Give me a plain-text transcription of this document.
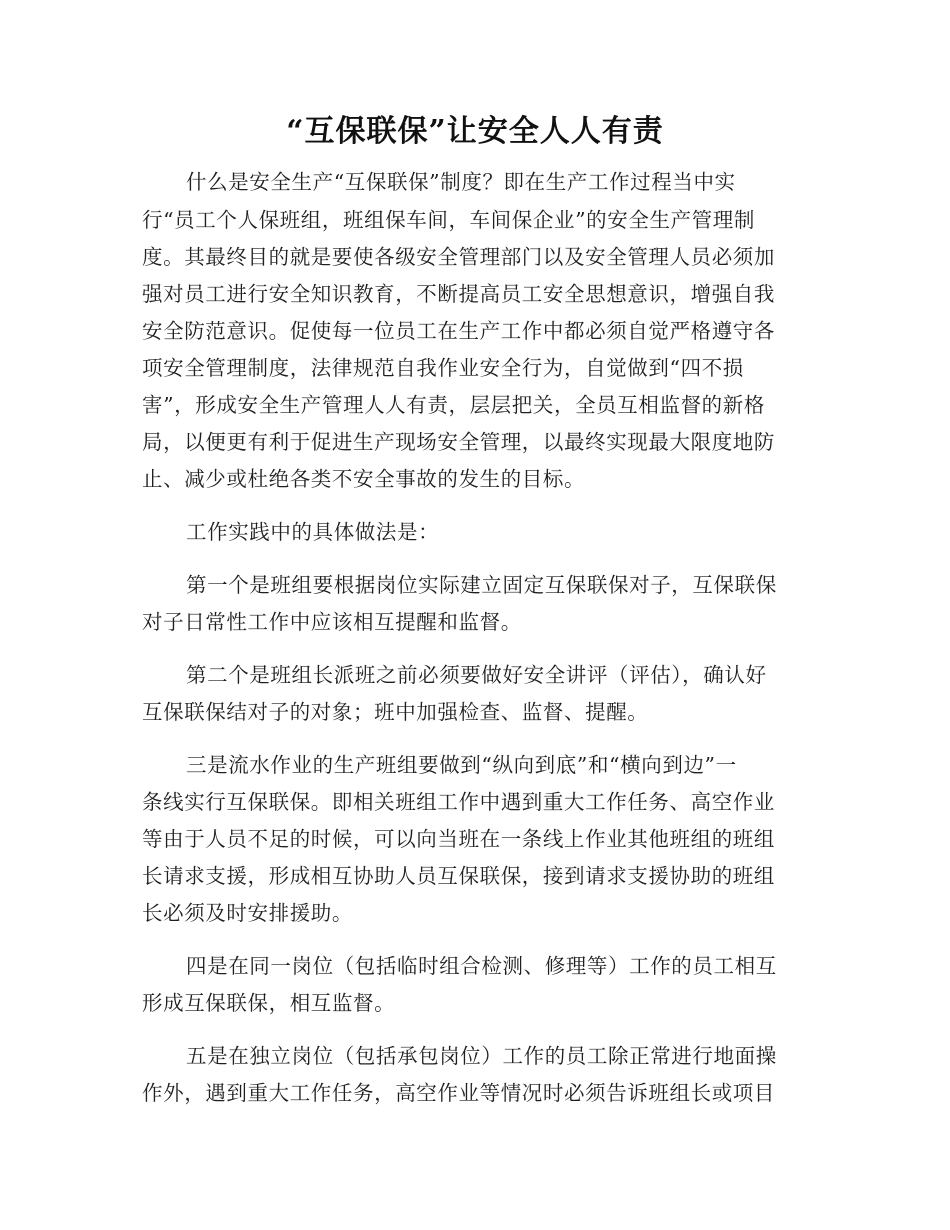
“互保联保”让安全人人有责
什么是安全生产“互保联保”制度？即在生产工作过程当中实
行“员工个人保班组，班组保车间，车间保企业”的安全生产管理制
度。其最终目的就是要使各级安全管理部门以及安全管理人员必须加
强对员工进行安全知识教育，不断提高员工安全思想意识，增强自我
安全防范意识。促使每一位员工在生产工作中都必须自觉严格遵守各
项安全管理制度，法律规范自我作业安全行为，自觉做到“四不损
害”，形成安全生产管理人人有责，层层把关，全员互相监督的新格
局，以便更有利于促进生产现场安全管理，以最终实现最大限度地防
止、减少或杜绝各类不安全事故的发生的目标。
工作实践中的具体做法是：
第一个是班组要根据岗位实际建立固定互保联保对子，互保联保
对子日常性工作中应该相互提醒和监督。
第二个是班组长派班之前必须要做好安全讲评（评估），确认好
互保联保结对子的对象；班中加强检查、监督、提醒。
三是流水作业的生产班组要做到“纵向到底”和“横向到边”一
条线实行互保联保。即相关班组工作中遇到重大工作任务、高空作业
等由于人员不足的时候，可以向当班在一条线上作业其他班组的班组
长请求支援，形成相互协助人员互保联保，接到请求支援协助的班组
长必须及时安排援助。
四是在同一岗位（包括临时组合检测、修理等）工作的员工相互
形成互保联保，相互监督。
五是在独立岗位（包括承包岗位）工作的员工除正常进行地面操
作外，遇到重大工作任务，高空作业等情况时必须告诉班组长或项目
